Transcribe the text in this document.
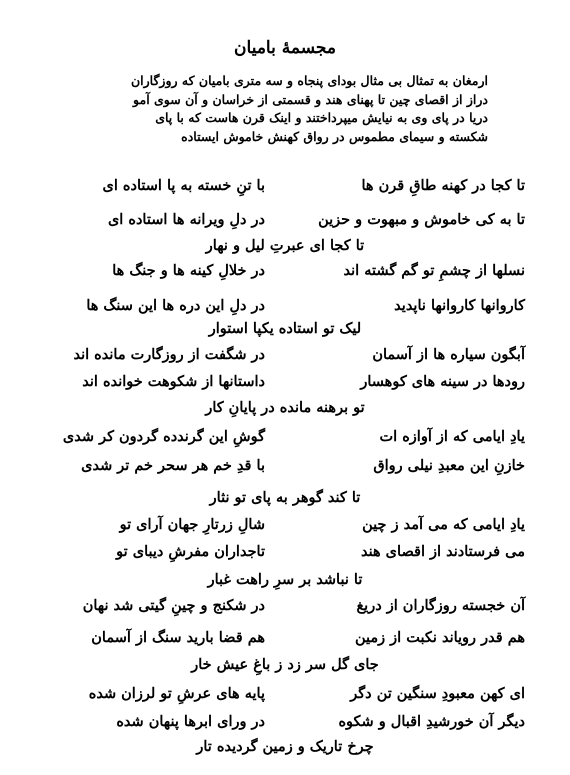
مجسمهٔ بامیان
ارمغان به تمثال بی مثال بودای پنجاه و سه متری بامیان که روزگاران
دراز از اقصای چین تا پهنای هند و قسمتی از خراسان و آن سوی آمو
دریا در پای وی به نیایش میپرداختند و اینک قرن هاست که با پای
شکسته و سیمای مطموس در رواق کهنش خاموش ایستاده
تا کجا در کهنه طاقِ قرن ها
با تنِ خسته به پا استاده ای
تا به کی خاموش و مبهوت و حزین
در دلِ ویرانه ها استاده ای
تا کجا ای عبرتِ لیل و نهار
نسلها از چشمِ تو گم گشته اند
در خلالِ کینه ها و جنگ ها
کاروانها کاروانها ناپدید
در دلِ این دره ها این سنگ ها
لیک تو استاده یکپا استوار
آبگون سیاره ها از آسمان
در شگفت از روزگارت مانده اند
رودها در سینه های کوهسار
داستانها از شکوهت خوانده اند
تو برهنه مانده در پایانِ کار
یادِ ایامی که از آوازه ات
گوشِ این گرندده گردون کر شدی
خازنِ این معبدِ نیلی رواق
با قدِ خم هر سحر خم تر شدی
تا کند گوهر به پای تو نثار
یادِ ایامی که می آمد ز چین
شالِ زرتارِ جهان آرای تو
می فرستادند از اقصای هند
تاجداران مفرشِ دیبای تو
تا نباشد بر سرِ راهت غبار
آن خجسته روزگاران از دریغ
در شکنج و چینِ گیتی شد نهان
هم قدر رویاند نکبت از زمین
هم قضا بارید سنگ از آسمان
جای گل سر زد ز باغِ عیش خار
ای کهن معبودِ سنگین تن دگر
پایه های عرشِ تو لرزان شده
دیگر آن خورشیدِ اقبال و شکوه
در ورای ابرها پنهان شده
چرخ تاریک و زمین گردیده تار
